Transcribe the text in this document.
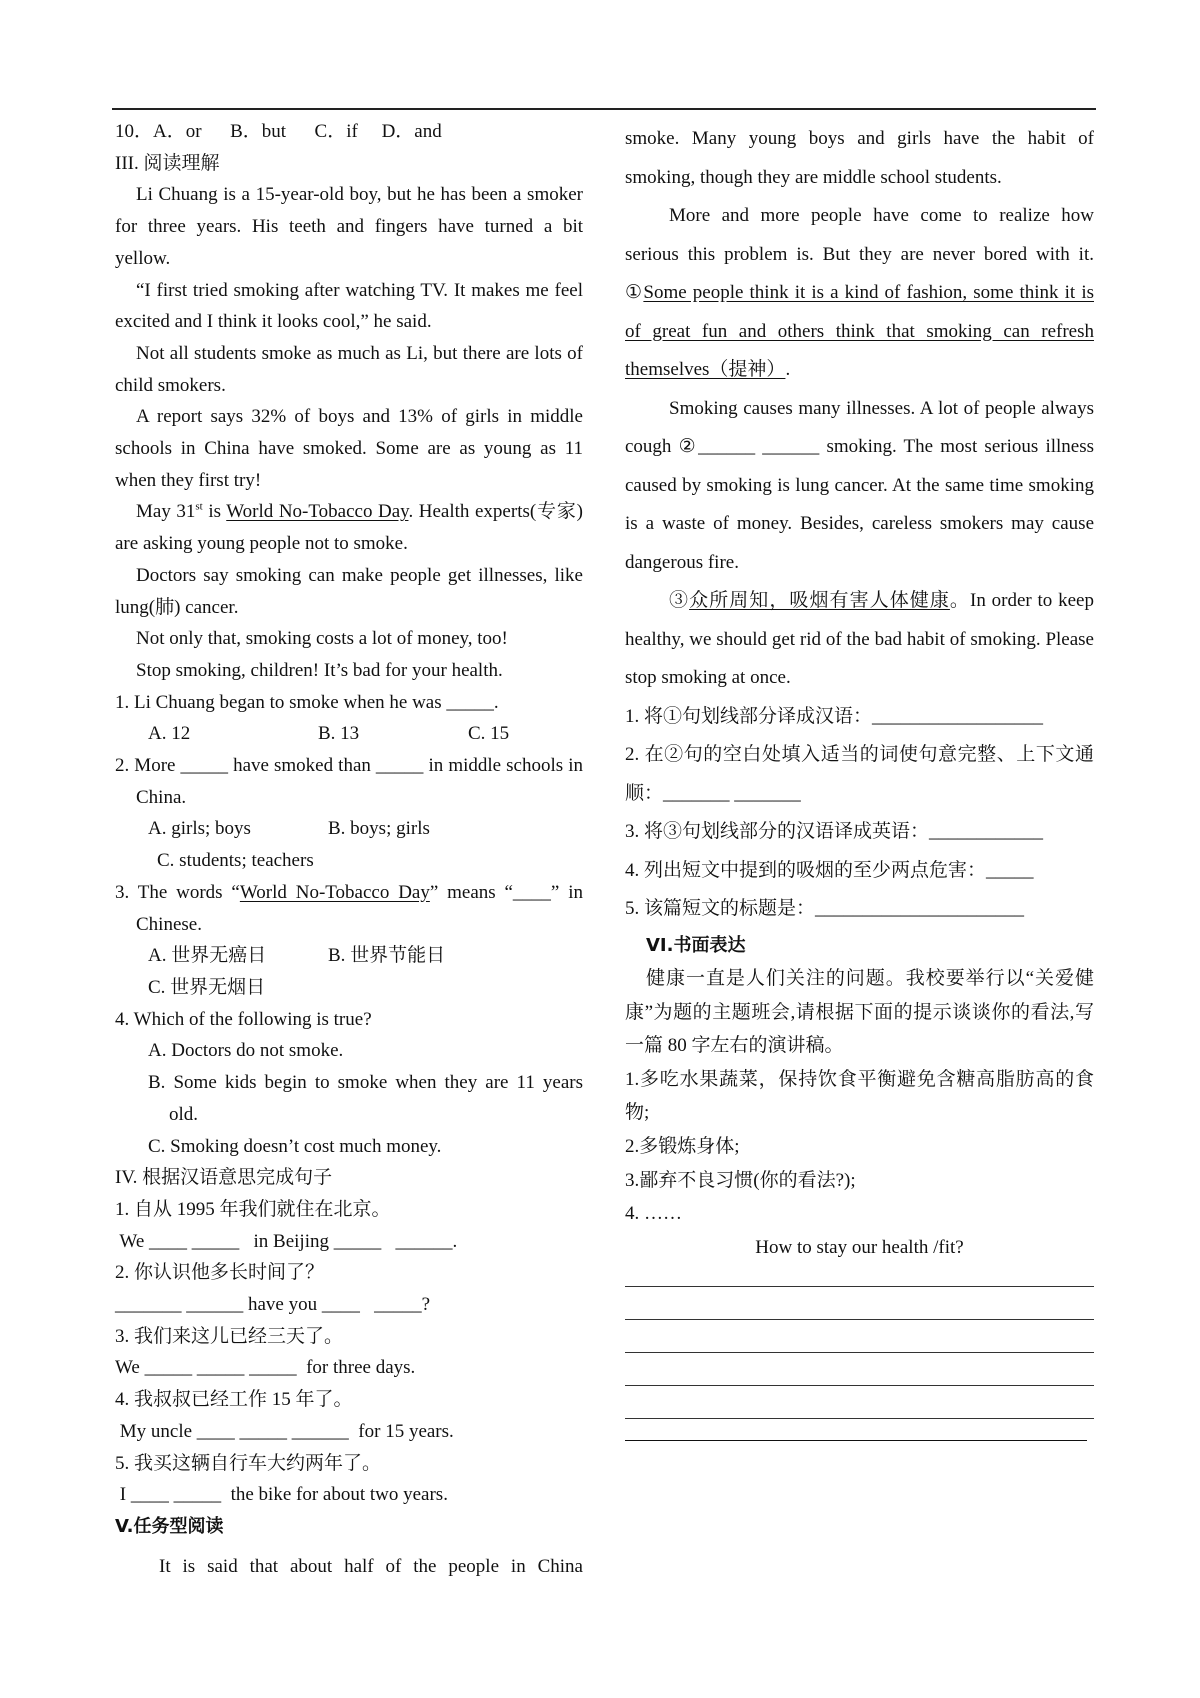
10．A．or B．but C．if D．and
III. 阅读理解
Li Chuang is a 15-year-old boy, but he has been a smoker for three years. His teeth and fingers have turned a bit yellow.
“I first tried smoking after watching TV. It makes me feel excited and I think it looks cool,” he said.
Not all students smoke as much as Li, but there are lots of child smokers.
A report says 32% of boys and 13% of girls in middle schools in China have smoked. Some are as young as 11 when they first try!
May 31st is World No-Tobacco Day. Health experts(专家) are asking young people not to smoke.
Doctors say smoking can make people get illnesses, like lung(肺) cancer.
Not only that, smoking costs a lot of money, too!
Stop smoking, children! It’s bad for your health.
1. Li Chuang began to smoke when he was _____.
A. 12	B. 13	C. 15
2. More _____ have smoked than _____ in middle schools in China.
A. girls; boys	B. boys; girls
C. students; teachers
3. The words “World No-Tobacco Day” means “____” in Chinese.
A. 世界无癌日	B. 世界节能日
C. 世界无烟日
4. Which of the following is true?
A. Doctors do not smoke.
B. Some kids begin to smoke when they are 11 years old.
C. Smoking doesn’t cost much money.
IV. 根据汉语意思完成句子
1. 自从 1995 年我们就住在北京。
We ____ _____   in Beijing _____   ______.
2. 你认识他多长时间了？
_______ ______ have you ____   _____?
3. 我们来这儿已经三天了。
We _____ _____ _____  for three days.
4. 我叔叔已经工作 15 年了。
My uncle ____ _____ ______  for 15 years.
5. 我买这辆自行车大约两年了。
I ____ _____  the bike for about two years.
V.任务型阅读
It is said that about half of the people in China
smoke. Many young boys and girls have the habit of smoking, though they are middle school students.
More and more people have come to realize how serious this problem is. But they are never bored with it. ①Some people think it is a kind of fashion, some think it is of great fun and others think that smoking can refresh themselves（提神）.
Smoking causes many illnesses. A lot of people always cough ②______ ______ smoking. The most serious illness caused by smoking is lung cancer. At the same time smoking is a waste of money. Besides, careless smokers may cause dangerous fire.
③众所周知，吸烟有害人体健康。In order to keep healthy, we should get rid of the bad habit of smoking. Please stop smoking at once.
1. 将①句划线部分译成汉语：__________________
2. 在②句的空白处填入适当的词使句意完整、上下文通顺：_______ _______
3. 将③句划线部分的汉语译成英语：____________
4. 列出短文中提到的吸烟的至少两点危害：_____
5. 该篇短文的标题是：______________________
VI.书面表达
健康一直是人们关注的问题。我校要举行以“关爱健康”为题的主题班会,请根据下面的提示谈谈你的看法,写一篇 80 字左右的演讲稿。
1.多吃水果蔬菜，保持饮食平衡避免含糖高脂肪高的食物;
2.多锻炼身体;
3.鄙弃不良习惯(你的看法?);
4. ……
How to stay our health /fit?
